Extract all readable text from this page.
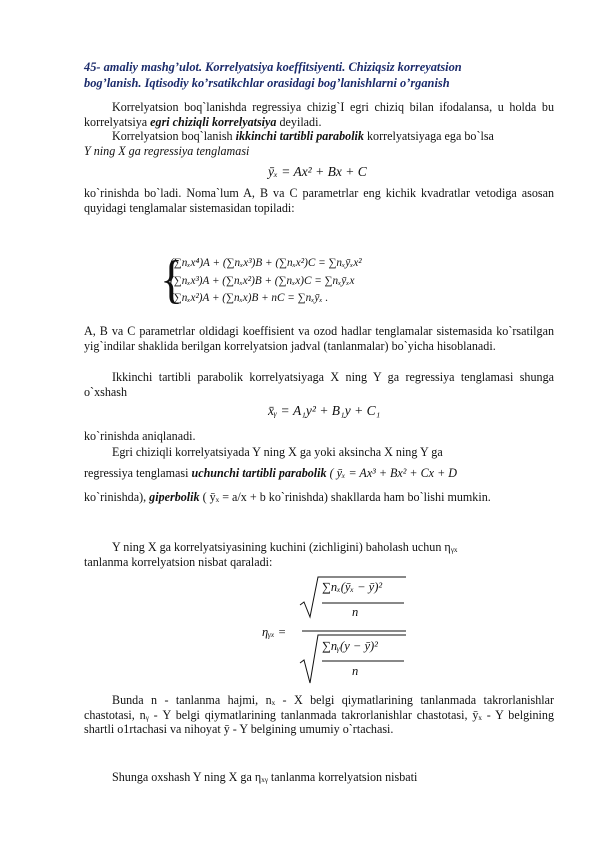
45- amaliy mashg’ulot. Korrelyatsiya koeffitsiyenti. Chiziqsiz korreyatsion
bog’lanish. Iqtisodiy ko’rsatikchlar orasidagi bog’lanishlarni o’rganish
Korrelyatsion boq`lanishda regressiya chizig`I egri chiziq bilan ifodalansa, u holda bu korrelyatsiya egri chiziqli korrelyatsiya deyiladi.
Korrelyatsion boq`lanish ikkinchi tartibli parabolik korrelyatsiyaga ega bo`lsa
Y ning X ga regressiya tenglamasi
ȳₓ = Ax² + Bx + C
ko`rinishda bo`ladi. Noma`lum A, B va C parametrlar eng kichik kvadratlar vetodiga asosan quyidagi tenglamalar sistemasidan topiladi:
{
(∑nₓx⁴)A + (∑nₓx³)B + (∑nₓx²)C = ∑nₓȳₓx²
(∑nₓx³)A + (∑nₓx²)B + (∑nₓx)C = ∑nₓȳₓx
(∑nₓx²)A + (∑nₓx)B + nC = ∑nₓȳₓ .
A, B va C parametrlar oldidagi koeffisient va ozod hadlar tenglamalar sistemasida ko`rsatilgan yig`indilar shaklida berilgan korrelyatsion jadval (tanlanmalar) bo`yicha hisoblanadi.
Ikkinchi tartibli parabolik korrelyatsiyaga X ning Y ga regressiya tenglamasi shunga o`xshash
x̄ᵧ = A₁y² + B₁y + C₁
ko`rinishda aniqlanadi.
Egri chiziqli korrelyatsiyada Y ning X ga yoki aksincha X ning Y ga
regressiya tenglamasi uchunchi tartibli parabolik ( ȳₓ = Ax³ + Bx² + Cx + D
ko`rinishda), giperbolik ( ȳₓ = a/x + b ko`rinishda) shakllarda ham bo`lishi mumkin.
Y ning X ga korrelyatsiyasining kuchini (zichligini) baholash uchun ηᵧₓ
tanlanma korrelyatsion nisbat qaraladi:
ηᵧₓ =
∑nₓ(ȳₓ − ȳ)²
n
∑nᵧ(y − ȳ)²
n
Bunda n - tanlanma hajmi, nₓ - X belgi qiymatlarining tanlanmada takrorlanishlar chastotasi, nᵧ - Y belgi qiymatlarining tanlanmada takrorlanishlar chastotasi, ȳₓ - Y belgining shartli o1rtachasi va nihoyat ȳ - Y belgining umumiy o`rtachasi.
Shunga oxshash Y ning X ga ηₓᵧ tanlanma korrelyatsion nisbati
